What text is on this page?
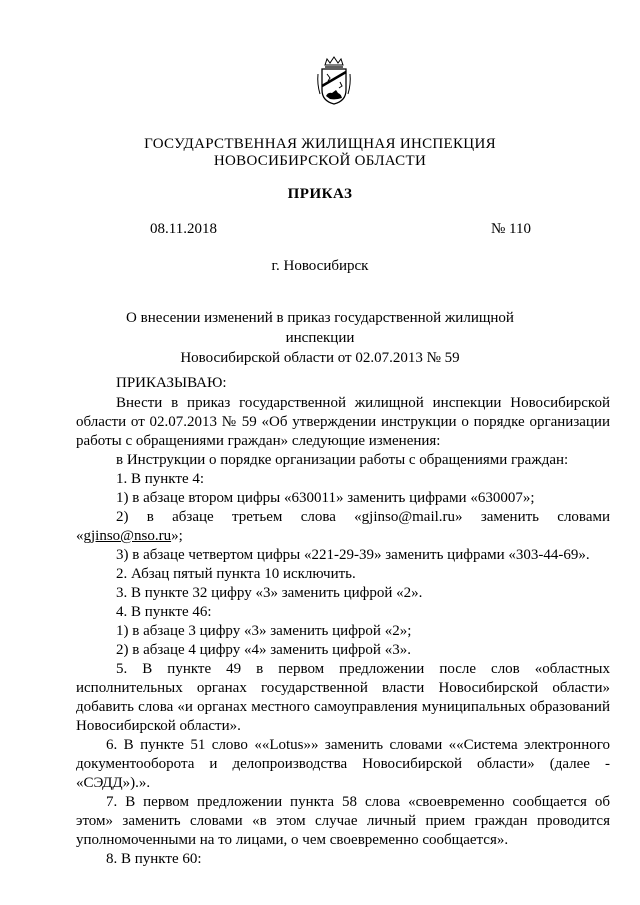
ГОСУДАРСТВЕННАЯ ЖИЛИЩНАЯ ИНСПЕКЦИЯ
НОВОСИБИРСКОЙ ОБЛАСТИ
ПРИКАЗ
08.11.2018	№ 110
г. Новосибирск
О внесении изменений в приказ государственной жилищной инспекции
Новосибирской области от 02.07.2013 № 59

ПРИКАЗЫВАЮ:

Внести в приказ государственной жилищной инспекции Новосибирской области от 02.07.2013 № 59 «Об утверждении инструкции о порядке организации работы с обращениями граждан» следующие изменения:

в Инструкции о порядке организации работы с обращениями граждан:

1. В пункте 4:

1) в абзаце втором цифры «630011» заменить цифрами «630007»;

2) в абзаце третьем слова «gjinso@mail.ru» заменить словами «gjinso@nso.ru»;

3) в абзаце четвертом цифры «221-29-39» заменить цифрами «303-44-69».

2. Абзац пятый пункта 10 исключить.

3. В пункте 32 цифру «3» заменить цифрой «2».

4. В пункте 46:

1) в абзаце 3 цифру «3» заменить цифрой «2»;

2) в абзаце 4 цифру «4» заменить цифрой «3».

5. В пункте 49 в первом предложении после слов «областных исполнительных органах государственной власти Новосибирской области» добавить слова «и органах местного самоуправления муниципальных образований Новосибирской области».

6. В пункте 51 слово ««Lotus»» заменить словами ««Система электронного документооборота и делопроизводства Новосибирской области» (далее - «СЭДД»).».

7. В первом предложении пункта 58 слова «своевременно сообщается об этом» заменить словами «в этом случае личный прием граждан проводится уполномоченными на то лицами, о чем своевременно сообщается».

8. В пункте 60:
